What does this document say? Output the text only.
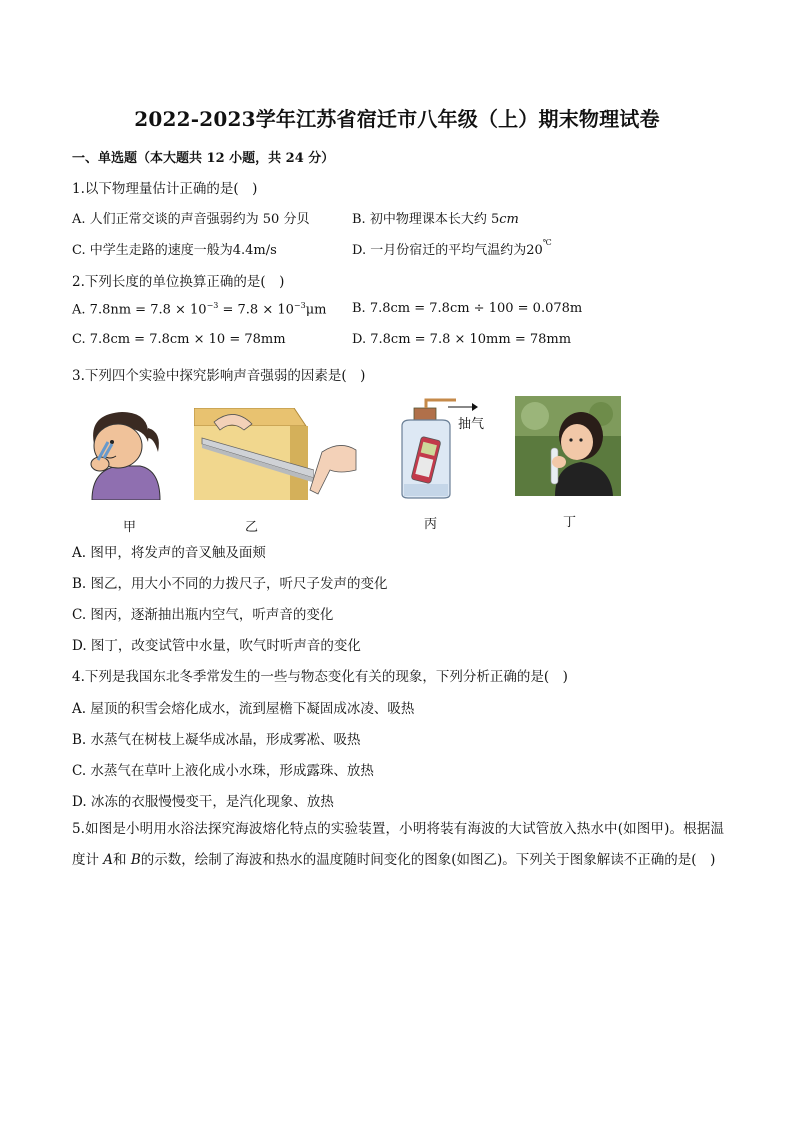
2022-2023学年江苏省宿迁市八年级（上）期末物理试卷
一、单选题（本大题共 12 小题，共 24 分）
1.以下物理量估计正确的是(　)
A. 人们正常交谈的声音强弱约为 50 分贝	B. 初中物理课本长大约 5cm
C. 中学生走路的速度一般为4.4m/s	D. 一月份宿迁的平均气温约为20℃
2.下列长度的单位换算正确的是(　)
A. $7.8nm = 7.8 \times 10^{-3} = 7.8 \times 10^{-3}\mu m$ B. 7.8cm = 7.8cm ÷ 100 = 0.078m
C. 7.8cm = 7.8cm × 10 = 78mm	D. 7.8cm = 7.8 × 10mm = 78mm
3.下列四个实验中探究影响声音强弱的因素是(　)
抽气
甲	乙	丙	丁
A. 图甲，将发声的音叉触及面颊
B. 图乙，用大小不同的力拨尺子，听尺子发声的变化
C. 图丙，逐渐抽出瓶内空气，听声音的变化
D. 图丁，改变试管中水量，吹气时听声音的变化
4.下列是我国东北冬季常发生的一些与物态变化有关的现象，下列分析正确的是(　)
A. 屋顶的积雪会熔化成水，流到屋檐下凝固成冰凌、吸热
B. 水蒸气在树枝上凝华成冰晶，形成雾凇、吸热
C. 水蒸气在草叶上液化成小水珠，形成露珠、放热
D. 冰冻的衣服慢慢变干，是汽化现象、放热
5.如图是小明用水浴法探究海波熔化特点的实验装置，小明将装有海波的大试管放入热水中(如图甲)。根据温度计 A和 B的示数，绘制了海波和热水的温度随时间变化的图象(如图乙)。下列关于图象解读不正确的是(　)
